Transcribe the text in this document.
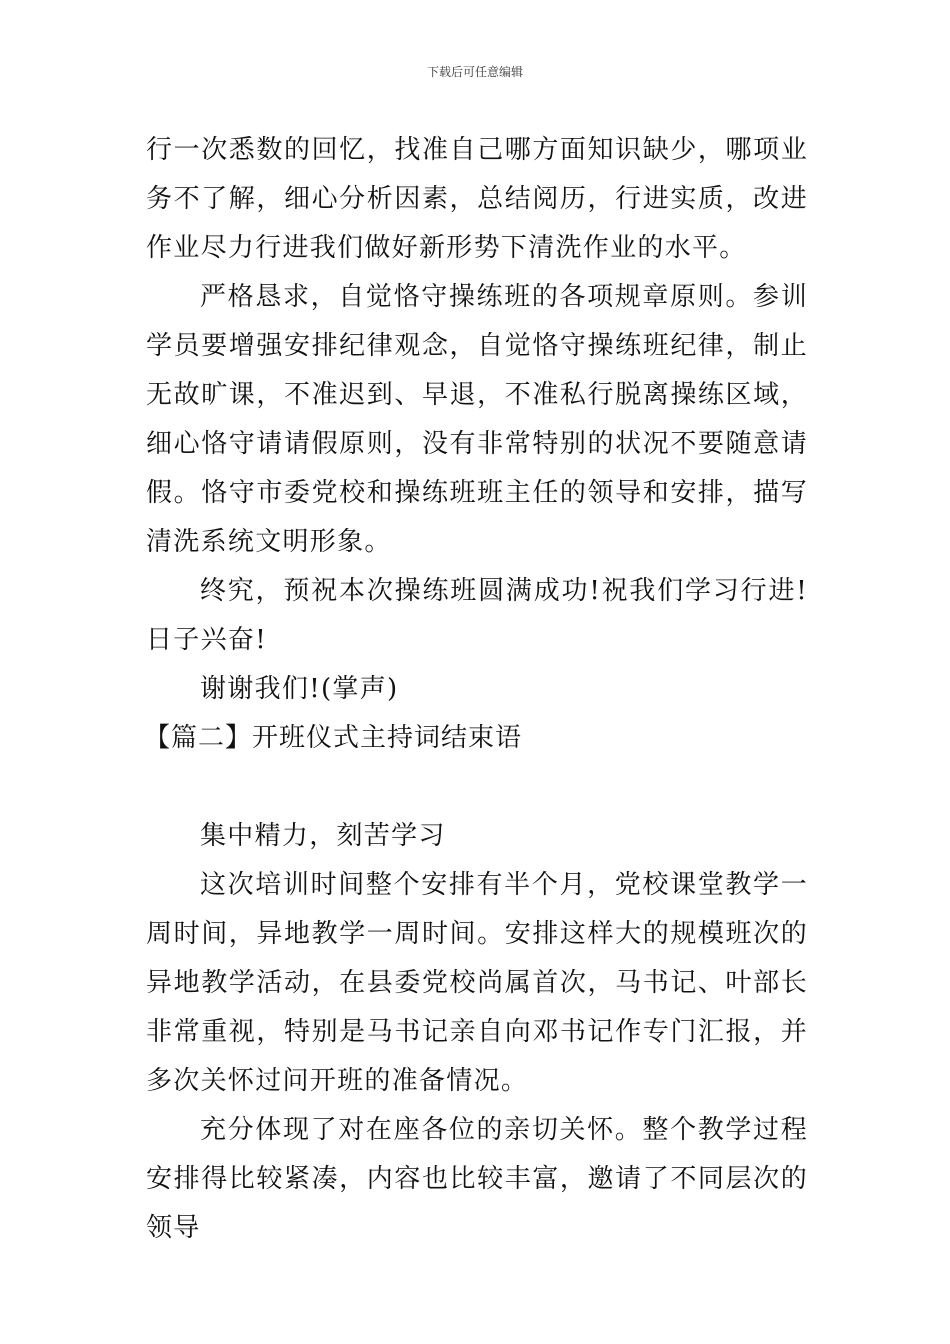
下载后可任意编辑

行一次悉数的回忆，找准自己哪方面知识缺少，哪项业务不了解，细心分析因素，总结阅历，行进实质，改进作业尽力行进我们做好新形势下清洗作业的水平。

严格恳求，自觉恪守操练班的各项规章原则。参训学员要增强安排纪律观念，自觉恪守操练班纪律，制止无故旷课，不准迟到、早退，不准私行脱离操练区域，细心恪守请请假原则，没有非常特别的状况不要随意请假。恪守市委党校和操练班班主任的领导和安排，描写清洗系统文明形象。

终究，预祝本次操练班圆满成功!祝我们学习行进!日子兴奋!

谢谢我们!(掌声)

【篇二】开班仪式主持词结束语

集中精力，刻苦学习

这次培训时间整个安排有半个月，党校课堂教学一周时间，异地教学一周时间。安排这样大的规模班次的异地教学活动，在县委党校尚属首次，马书记、叶部长非常重视，特别是马书记亲自向邓书记作专门汇报，并多次关怀过问开班的准备情况。

充分体现了对在座各位的亲切关怀。整个教学过程安排得比较紧凑，内容也比较丰富，邀请了不同层次的领导
